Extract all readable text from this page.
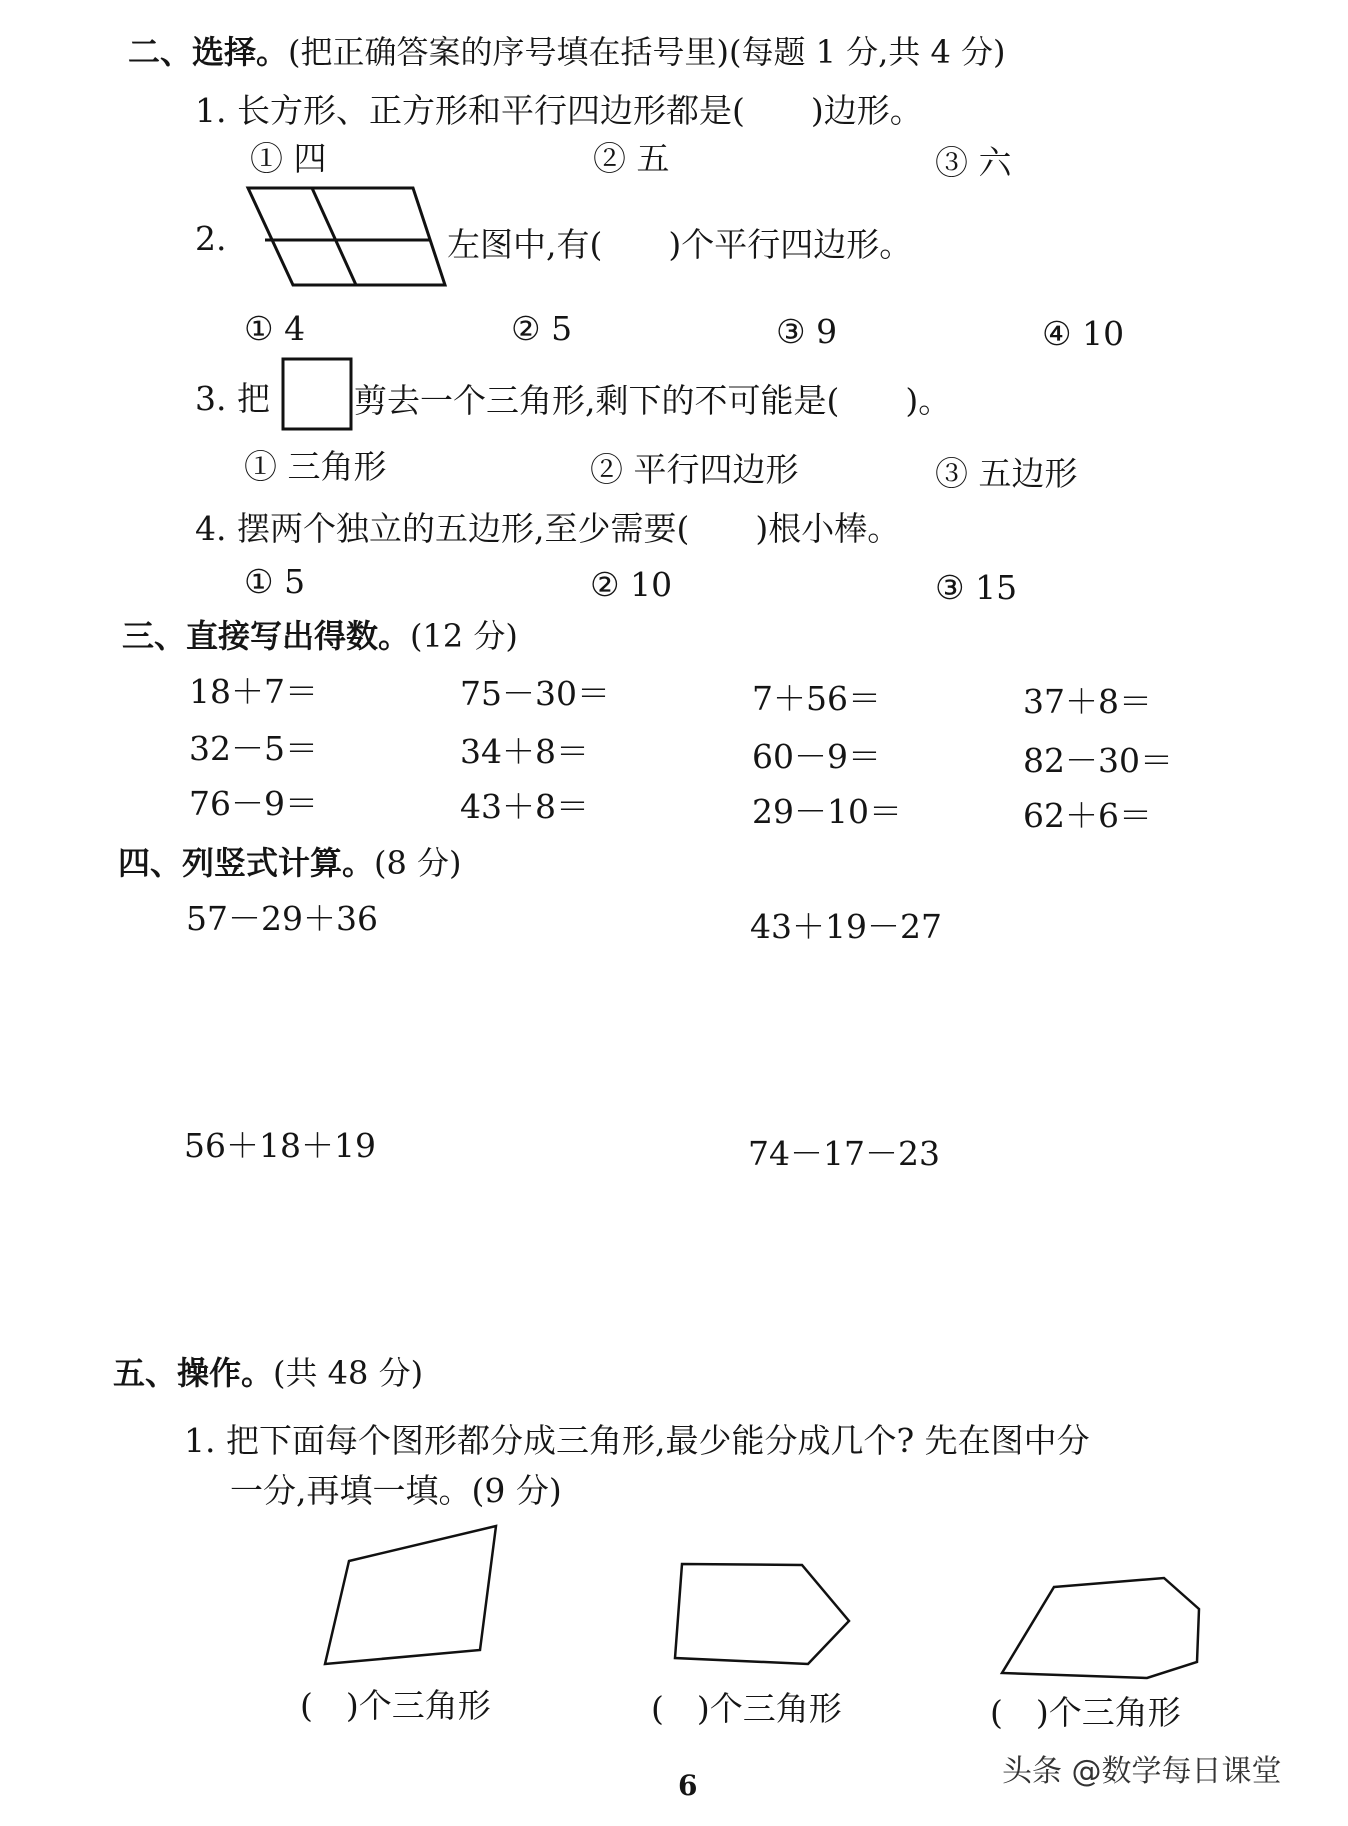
二、选择。(把正确答案的序号填在括号里)(每题 1 分,共 4 分)
1. 长方形、正方形和平行四边形都是(　　)边形。
① 四	② 五	③ 六
2.	左图中,有(　　)个平行四边形。
① 4	② 5	③ 9	④ 10
3. 把	剪去一个三角形,剩下的不可能是(　　)。
① 三角形	② 平行四边形	③ 五边形
4. 摆两个独立的五边形,至少需要(　　)根小棒。
① 5	② 10	③ 15
三、直接写出得数。(12 分)
18＋7＝	75－30＝	7＋56＝	37＋8＝
32－5＝	34＋8＝	60－9＝	82－30＝
76－9＝	43＋8＝	29－10＝	62＋6＝
四、列竖式计算。(8 分)
57－29＋36	43＋19－27
56＋18＋19	74－17－23
五、操作。(共 48 分)
1. 把下面每个图形都分成三角形,最少能分成几个? 先在图中分
一分,再填一填。(9 分)
(　)个三角形	(　)个三角形	(　)个三角形
6	头条 @数学每日课堂
